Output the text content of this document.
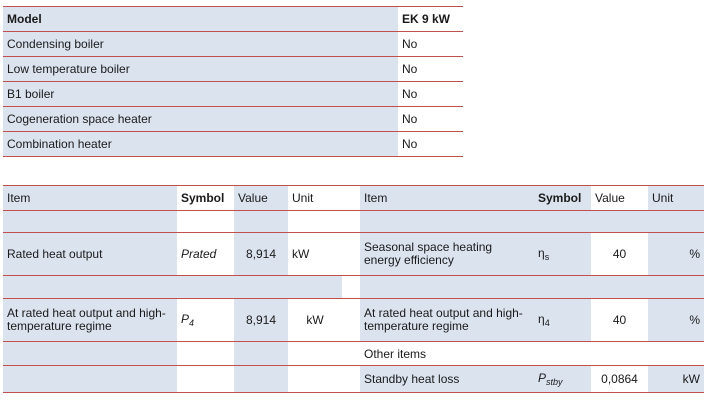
Model	EK 9 kW
Condensing boiler	No
Low temperature boiler	No
B1 boiler	No
Cogeneration space heater	No
Combination heater	No
Item	Symbol	Value	Unit		Item	Symbol	Value	Unit

Rated heat output	Prated	8,914	kW		Seasonal space heating energy efficiency	$\eta_s$	40	%

At rated heat output and high-temperature regime	$P_4$	8,914	kW		At rated heat output and high-temperature regime	$\eta_4$	40	%
					Other items			
					Standby heat loss	$P_{stby}$	0,0864	kW
